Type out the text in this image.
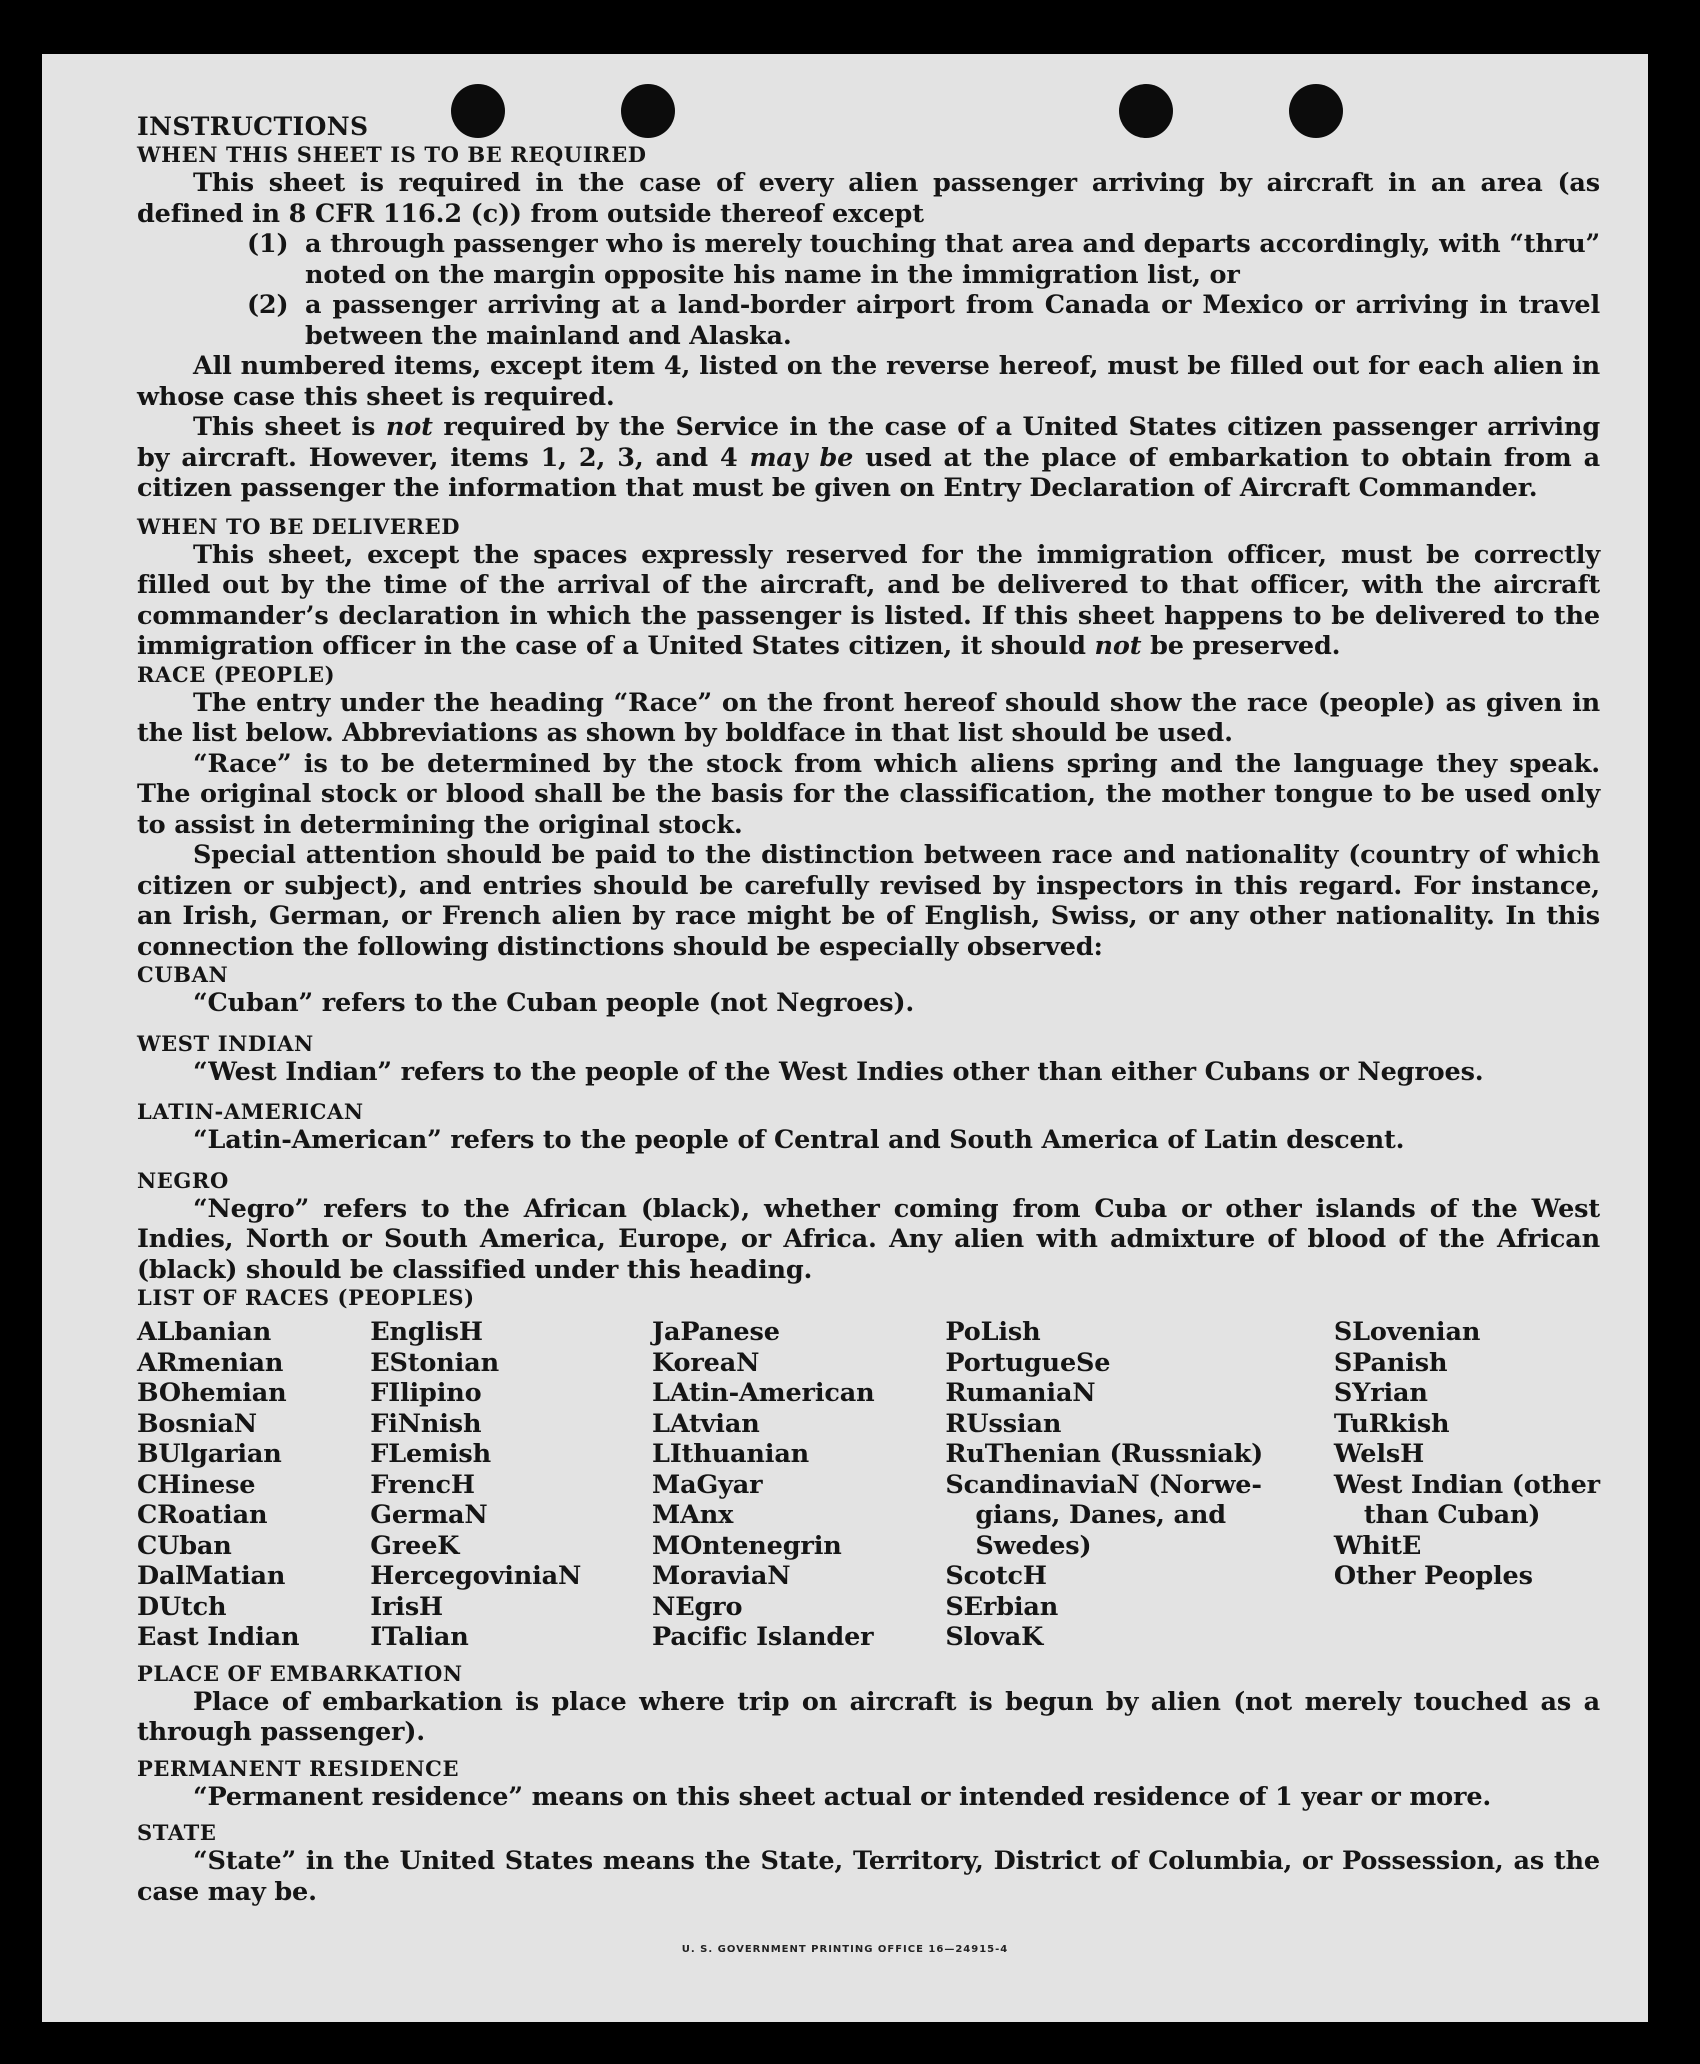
INSTRUCTIONS

WHEN THIS SHEET IS TO BE REQUIRED

This sheet is required in the case of every alien passenger arriving by aircraft in an area (as defined in 8 CFR 116.2 (c)) from outside thereof except

(1) a through passenger who is merely touching that area and departs accordingly, with “thru” noted on the margin opposite his name in the immigration list, or

(2) a passenger arriving at a land-border airport from Canada or Mexico or arriving in travel between the mainland and Alaska.

All numbered items, except item 4, listed on the reverse hereof, must be filled out for each alien in whose case this sheet is required.

This sheet is not required by the Service in the case of a United States citizen passenger arriving by aircraft. However, items 1, 2, 3, and 4 may be used at the place of embarkation to obtain from a citizen passenger the information that must be given on Entry Declaration of Aircraft Commander.

WHEN TO BE DELIVERED

This sheet, except the spaces expressly reserved for the immigration officer, must be correctly filled out by the time of the arrival of the aircraft, and be delivered to that officer, with the aircraft commander’s declaration in which the passenger is listed. If this sheet happens to be delivered to the immigration officer in the case of a United States citizen, it should not be preserved.

RACE (PEOPLE)

The entry under the heading “Race” on the front hereof should show the race (people) as given in the list below. Abbreviations as shown by boldface in that list should be used.

“Race” is to be determined by the stock from which aliens spring and the language they speak. The original stock or blood shall be the basis for the classification, the mother tongue to be used only to assist in determining the original stock.

Special attention should be paid to the distinction between race and nationality (country of which citizen or subject), and entries should be carefully revised by inspectors in this regard. For instance, an Irish, German, or French alien by race might be of English, Swiss, or any other nationality. In this connection the following distinctions should be especially observed:

CUBAN

“Cuban” refers to the Cuban people (not Negroes).

WEST INDIAN

“West Indian” refers to the people of the West Indies other than either Cubans or Negroes.

LATIN-AMERICAN

“Latin-American” refers to the people of Central and South America of Latin descent.

NEGRO

“Negro” refers to the African (black), whether coming from Cuba or other islands of the West Indies, North or South America, Europe, or Africa. Any alien with admixture of blood of the African (black) should be classified under this heading.

LIST OF RACES (PEOPLES)

ALbanian
ARmenian
BOhemian
BosniaN
BUlgarian
CHinese
CRoatian
CUban
DalMatian
DUtch
East Indian
EnglisH
EStonian
FIlipino
FiNnish
FLemish
FrencH
GermaN
GreeK
HercegoviniaN
IrisH
ITalian
JaPanese
KoreaN
LAtin-American
LAtvian
LIthuanian
MaGyar
MAnx
MOntenegrin
MoraviaN
NEgro
Pacific Islander
PoLish
PortugueSe
RumaniaN
RUssian
RuThenian (Russniak)
ScandinaviaN (Norwe-
gians, Danes, and
Swedes)
ScotcH
SErbian
SlovaK
SLovenian
SPanish
SYrian
TuRkish
WelsH
West Indian (other
than Cuban)
WhitE
Other Peoples

PLACE OF EMBARKATION

Place of embarkation is place where trip on aircraft is begun by alien (not merely touched as a through passenger).

PERMANENT RESIDENCE

“Permanent residence” means on this sheet actual or intended residence of 1 year or more.

STATE

“State” in the United States means the State, Territory, District of Columbia, or Possession, as the case may be.

U. S. GOVERNMENT PRINTING OFFICE 16—24915-4
